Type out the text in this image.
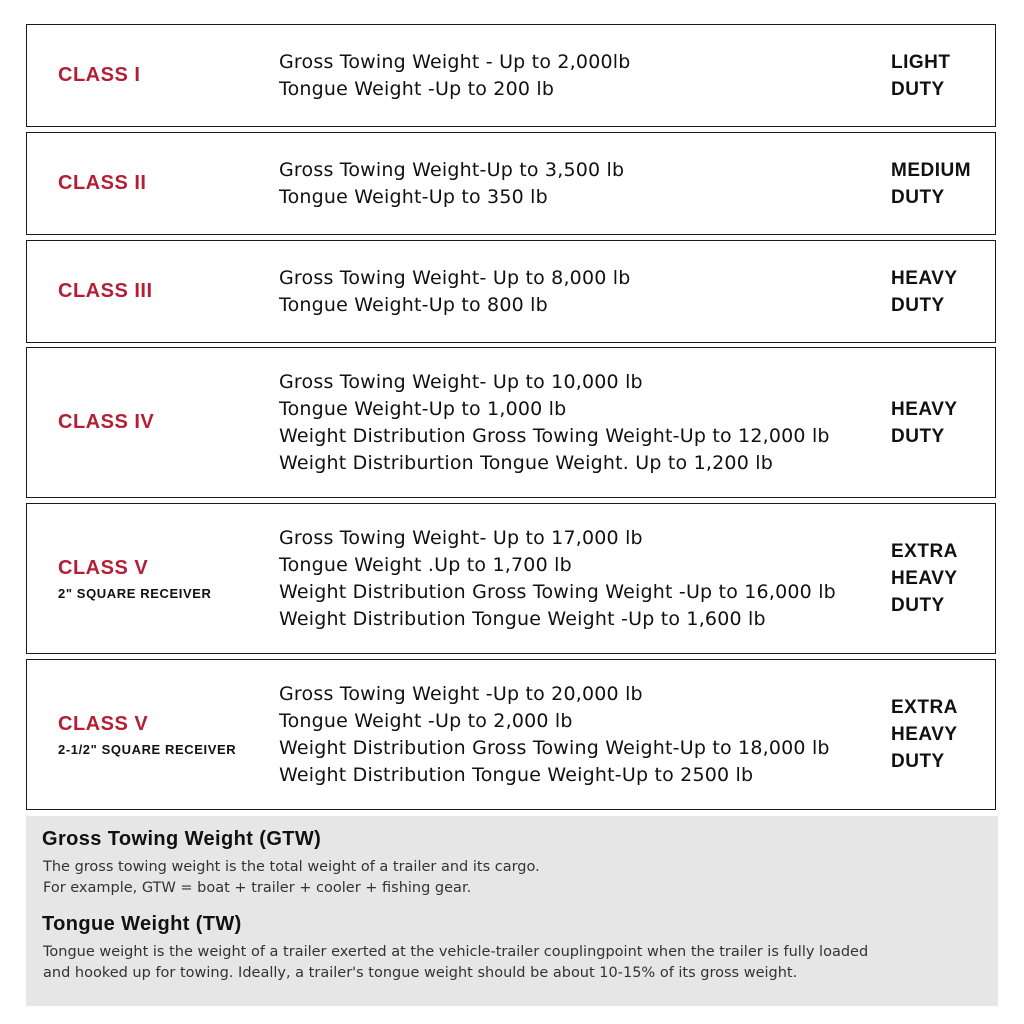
CLASS I
Gross Towing Weight - Up to 2,000lb
Tongue Weight -Up to 200 lb
LIGHT
DUTY
CLASS II
Gross Towing Weight-Up to 3,500 lb
Tongue Weight-Up to 350 lb
MEDIUM
DUTY
CLASS III
Gross Towing Weight- Up to 8,000 lb
Tongue Weight-Up to 800 lb
HEAVY
DUTY
CLASS IV
Gross Towing Weight- Up to 10,000 lb
Tongue Weight-Up to 1,000 lb
Weight Distribution Gross Towing Weight-Up to 12,000 lb
Weight Distriburtion Tongue Weight. Up to 1,200 lb
HEAVY
DUTY
CLASS V
2" SQUARE RECEIVER
Gross Towing Weight- Up to 17,000 lb
Tongue Weight .Up to 1,700 lb
Weight Distribution Gross Towing Weight -Up to 16,000 lb
Weight Distribution Tongue Weight -Up to 1,600 lb
EXTRA
HEAVY
DUTY
CLASS V
2-1/2" SQUARE RECEIVER
Gross Towing Weight -Up to 20,000 lb
Tongue Weight -Up to 2,000 lb
Weight Distribution Gross Towing Weight-Up to 18,000 lb
Weight Distribution Tongue Weight-Up to 2500 lb
EXTRA
HEAVY
DUTY

Gross Towing Weight (GTW)

The gross towing weight is the total weight of a trailer and its cargo.
For example, GTW = boat + trailer + cooler + fishing gear.

Tongue Weight (TW)

Tongue weight is the weight of a trailer exerted at the vehicle-trailer couplingpoint when the trailer is fully loaded
and hooked up for towing. Ideally, a trailer's tongue weight should be about 10-15% of its gross weight.
